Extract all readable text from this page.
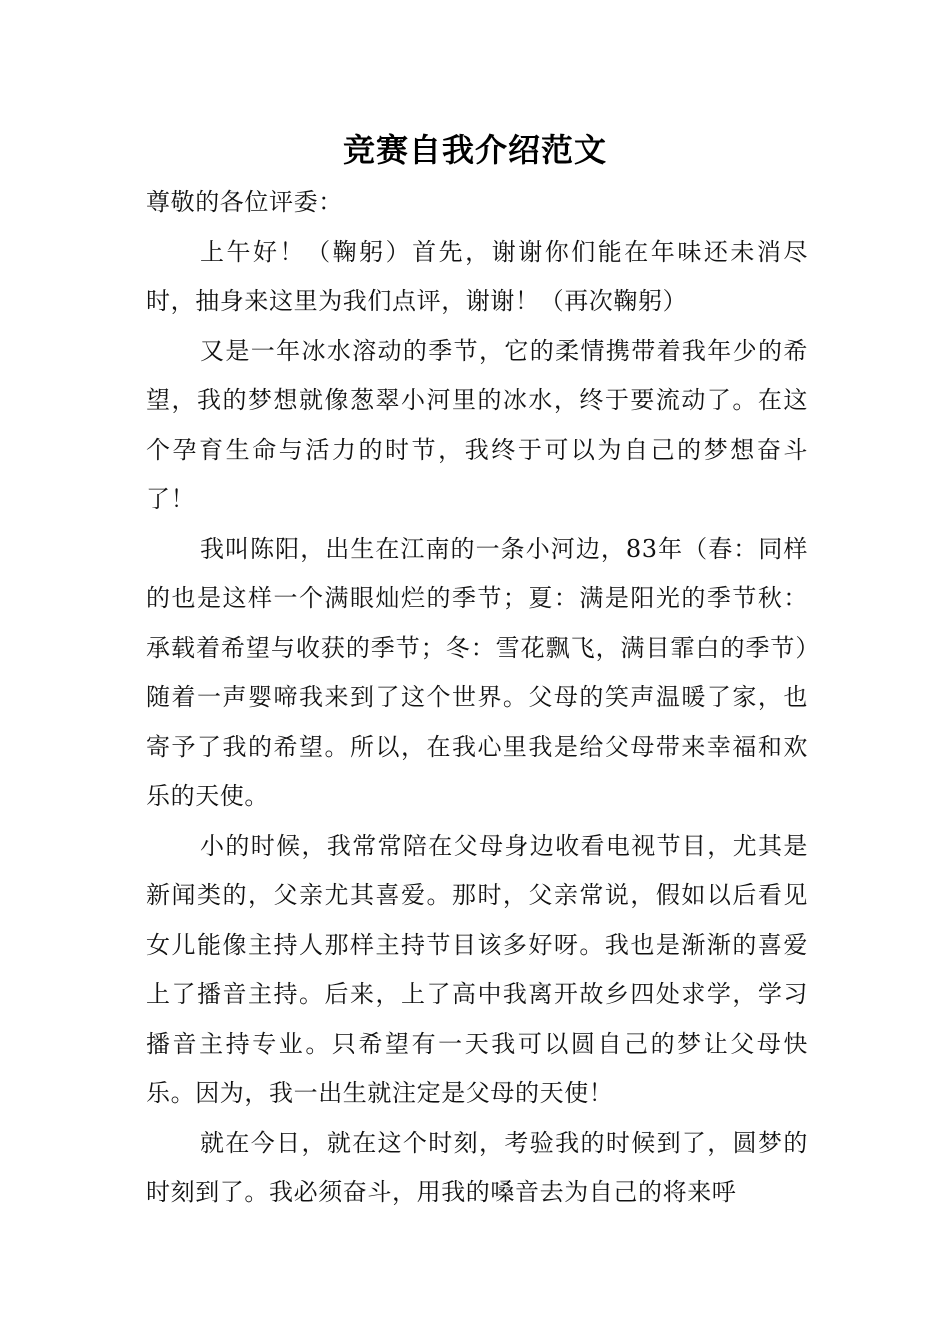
竞赛自我介绍范文

尊敬的各位评委：

上午好！（鞠躬）首先，谢谢你们能在年味还未消尽时，抽身来这里为我们点评，谢谢！（再次鞠躬）

又是一年冰水溶动的季节，它的柔情携带着我年少的希望，我的梦想就像葱翠小河里的冰水，终于要流动了。在这个孕育生命与活力的时节，我终于可以为自己的梦想奋斗了！

我叫陈阳，出生在江南的一条小河边，83年（春：同样的也是这样一个满眼灿烂的季节；夏：满是阳光的季节秋：承载着希望与收获的季节；冬：雪花飘飞，满目霏白的季节）随着一声婴啼我来到了这个世界。父母的笑声温暖了家，也寄予了我的希望。所以，在我心里我是给父母带来幸福和欢乐的天使。

小的时候，我常常陪在父母身边收看电视节目，尤其是新闻类的，父亲尤其喜爱。那时，父亲常说，假如以后看见女儿能像主持人那样主持节目该多好呀。我也是渐渐的喜爱上了播音主持。后来，上了高中我离开故乡四处求学，学习播音主持专业。只希望有一天我可以圆自己的梦让父母快乐。因为，我一出生就注定是父母的天使！

就在今日，就在这个时刻，考验我的时候到了，圆梦的时刻到了。我必须奋斗，用我的嗓音去为自己的将来呼
